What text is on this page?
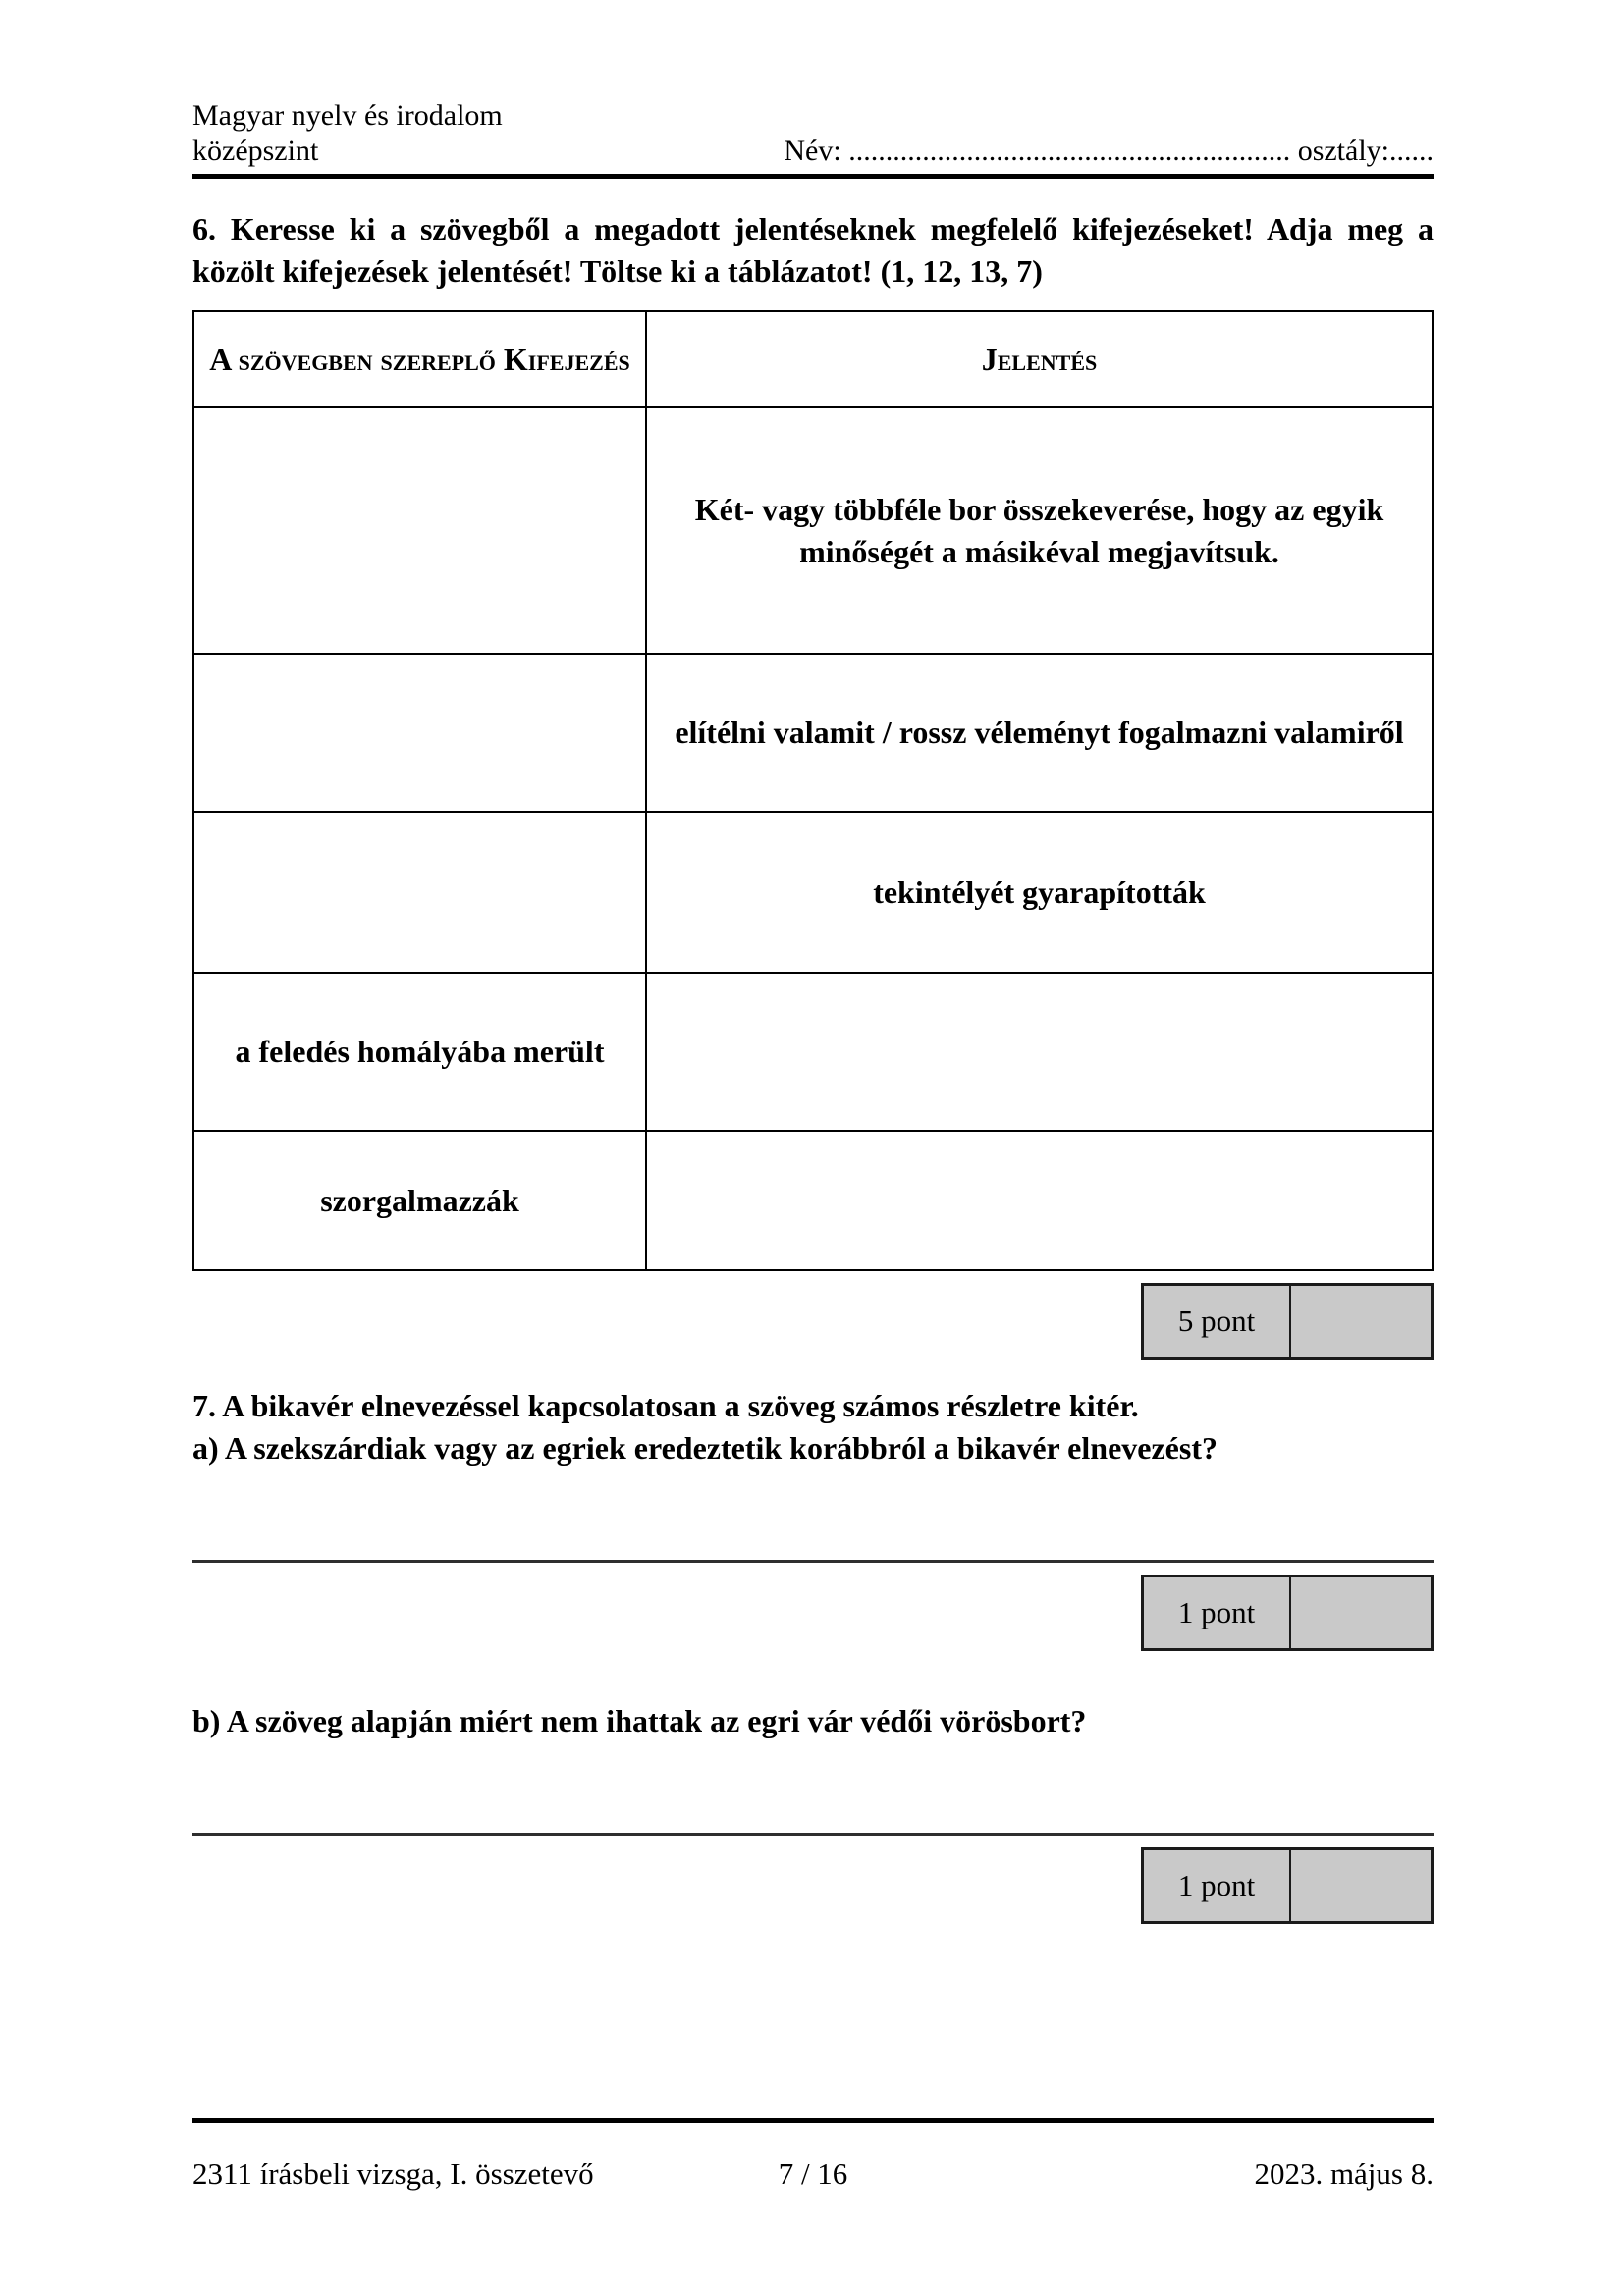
Magyar nyelv és irodalom
középszint	Név: ............................................................ osztály:......
6. Keresse ki a szövegből a megadott jelentéseknek megfelelő kifejezéseket! Adja meg a közölt kifejezések jelentését! Töltse ki a táblázatot! (1, 12, 13, 7)
A szövegben szereplő Kifejezés	Jelentés
	Két- vagy többféle bor összekeverése, hogy az egyik minőségét a másikéval megjavítsuk.
	elítélni valamit / rossz véleményt fogalmazni valamiről
	tekintélyét gyarapították
a feledés homályába merült	
szorgalmazzák	
5 pont
7. A bikavér elnevezéssel kapcsolatosan a szöveg számos részletre kitér.
a) A szekszárdiak vagy az egriek eredeztetik korábbról a bikavér elnevezést?
1 pont
b) A szöveg alapján miért nem ihattak az egri vár védői vörösbort?
1 pont
2311 írásbeli vizsga, I. összetevő	7 / 16	2023. május 8.
